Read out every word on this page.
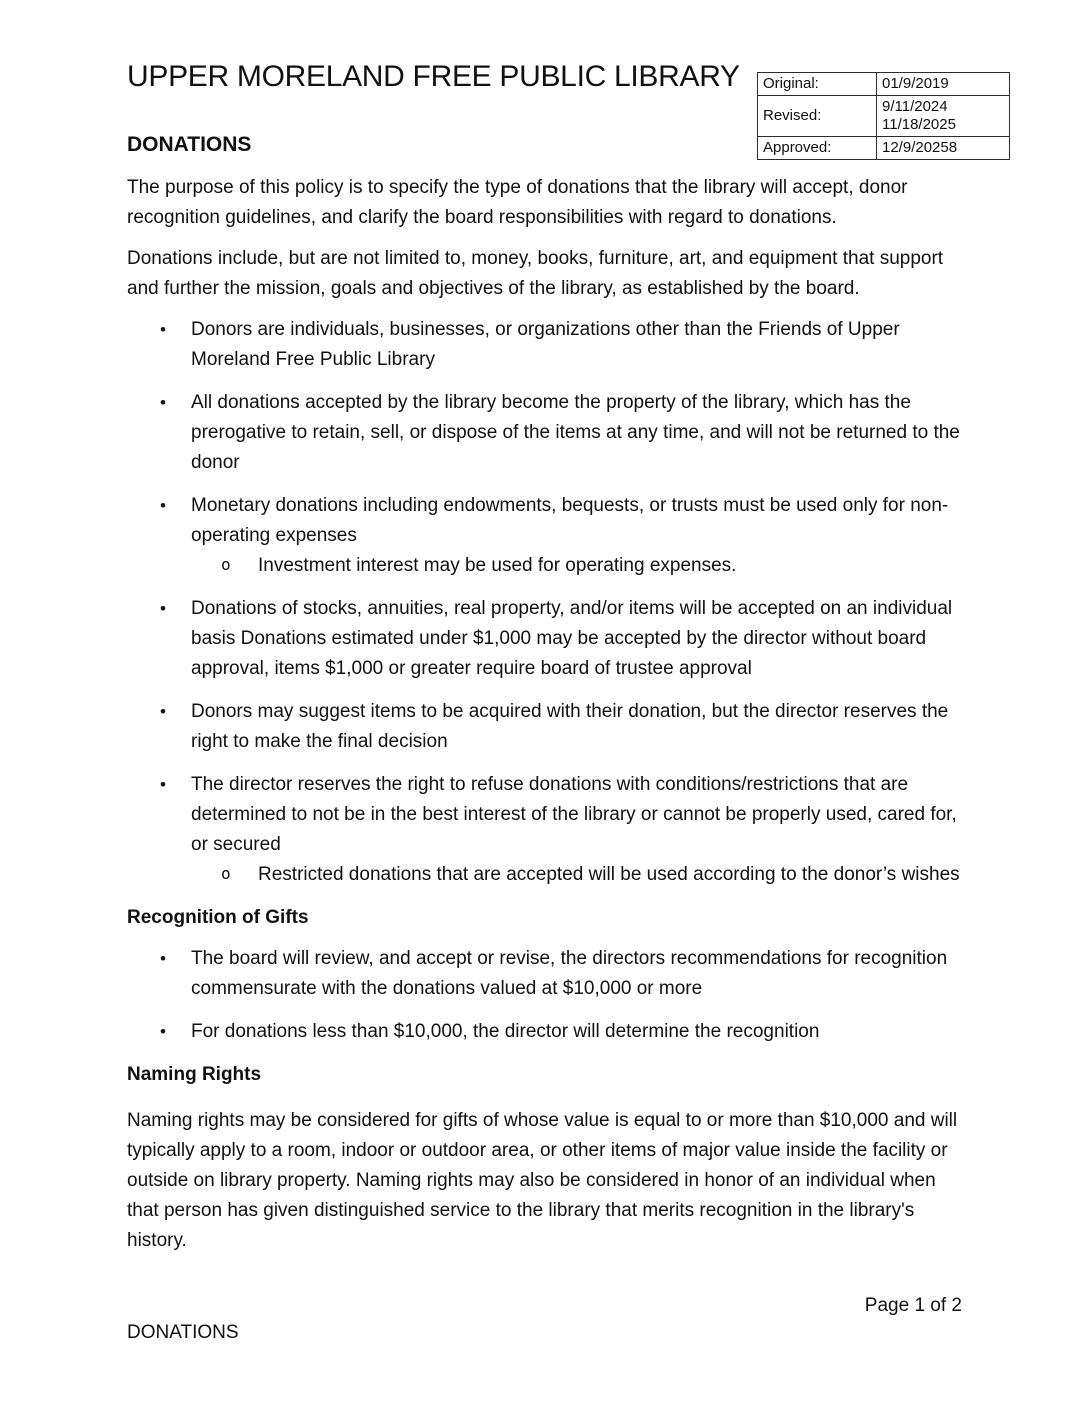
UPPER MORELAND FREE PUBLIC LIBRARY	Original:	01/9/2019
Revised:	9/11/2024
11/18/2025

Approved:	12/9/20258
DONATIONS

The purpose of this policy is to specify the type of donations that the library will accept, donor recognition guidelines, and clarify the board responsibilities with regard to donations.

Donations include, but are not limited to, money, books, furniture, art, and equipment that support and further the mission, goals and objectives of the library, as established by the board.

•	Donors are individuals, businesses, or organizations other than the Friends of Upper Moreland Free Public Library
•	All donations accepted by the library become the property of the library, which has the prerogative to retain, sell, or dispose of the items at any time, and will not be returned to the donor
•	Monetary donations including endowments, bequests, or trusts must be used only for non-operating expenses
o	Investment interest may be used for operating expenses.
•	Donations of stocks, annuities, real property, and/or items will be accepted on an individual basis Donations estimated under $1,000 may be accepted by the director without board approval, items $1,000 or greater require board of trustee approval
•	Donors may suggest items to be acquired with their donation, but the director reserves the right to make the final decision
•	The director reserves the right to refuse donations with conditions/restrictions that are determined to not be in the best interest of the library or cannot be properly used, cared for, or secured
o	Restricted donations that are accepted will be used according to the donor’s wishes
Recognition of Gifts
•	The board will review, and accept or revise, the directors recommendations for recognition commensurate with the donations valued at $10,000 or more
•	For donations less than $10,000, the director will determine the recognition
Naming Rights

Naming rights may be considered for gifts of whose value is equal to or more than $10,000 and will typically apply to a room, indoor or outdoor area, or other items of major value inside the facility or outside on library property. Naming rights may also be considered in honor of an individual when that person has given distinguished service to the library that merits recognition in the library's history.

Page 1 of 2
DONATIONS
